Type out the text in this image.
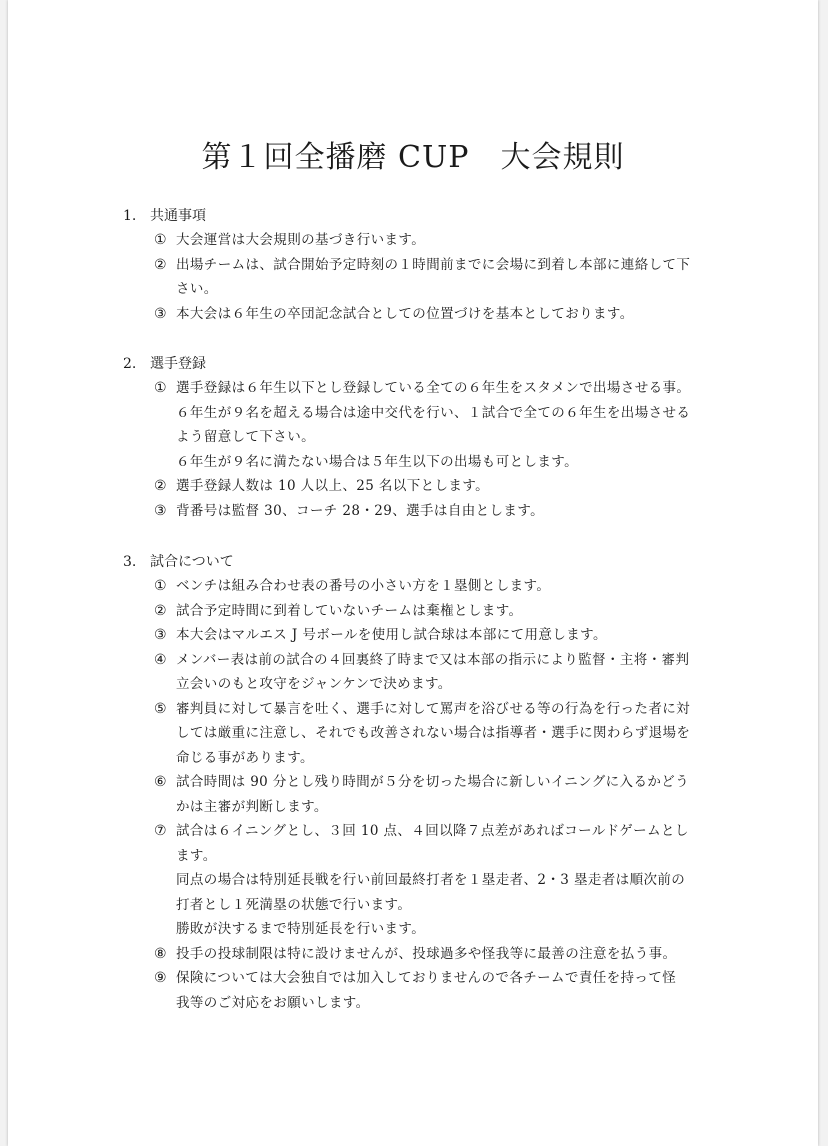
第１回全播磨 CUP　大会規則
1. 共通事項
① 大会運営は大会規則の基づき行います。
② 出場チームは、試合開始予定時刻の１時間前までに会場に到着し本部に連絡して下
さい。
③ 本大会は６年生の卒団記念試合としての位置づけを基本としております。
2. 選手登録
① 選手登録は６年生以下とし登録している全ての６年生をスタメンで出場させる事。
６年生が９名を超える場合は途中交代を行い、１試合で全ての６年生を出場させる
よう留意して下さい。
６年生が９名に満たない場合は５年生以下の出場も可とします。
② 選手登録人数は 10 人以上、25 名以下とします。
③ 背番号は監督 30、コーチ 28・29、選手は自由とします。
3. 試合について
① ベンチは組み合わせ表の番号の小さい方を１塁側とします。
② 試合予定時間に到着していないチームは棄権とします。
③ 本大会はマルエス J 号ボールを使用し試合球は本部にて用意します。
④ メンバー表は前の試合の４回裏終了時まで又は本部の指示により監督・主将・審判
立会いのもと攻守をジャンケンで決めます。
⑤ 審判員に対して暴言を吐く、選手に対して罵声を浴びせる等の行為を行った者に対
しては厳重に注意し、それでも改善されない場合は指導者・選手に関わらず退場を
命じる事があります。
⑥ 試合時間は 90 分とし残り時間が５分を切った場合に新しいイニングに入るかどう
かは主審が判断します。
⑦ 試合は６イニングとし、３回 10 点、４回以降７点差があればコールドゲームとし
ます。
同点の場合は特別延長戦を行い前回最終打者を１塁走者、2・3 塁走者は順次前の
打者とし１死満塁の状態で行います。
勝敗が決するまで特別延長を行います。
⑧ 投手の投球制限は特に設けませんが、投球過多や怪我等に最善の注意を払う事。
⑨ 保険については大会独自では加入しておりませんので各チームで責任を持って怪
我等のご対応をお願いします。
